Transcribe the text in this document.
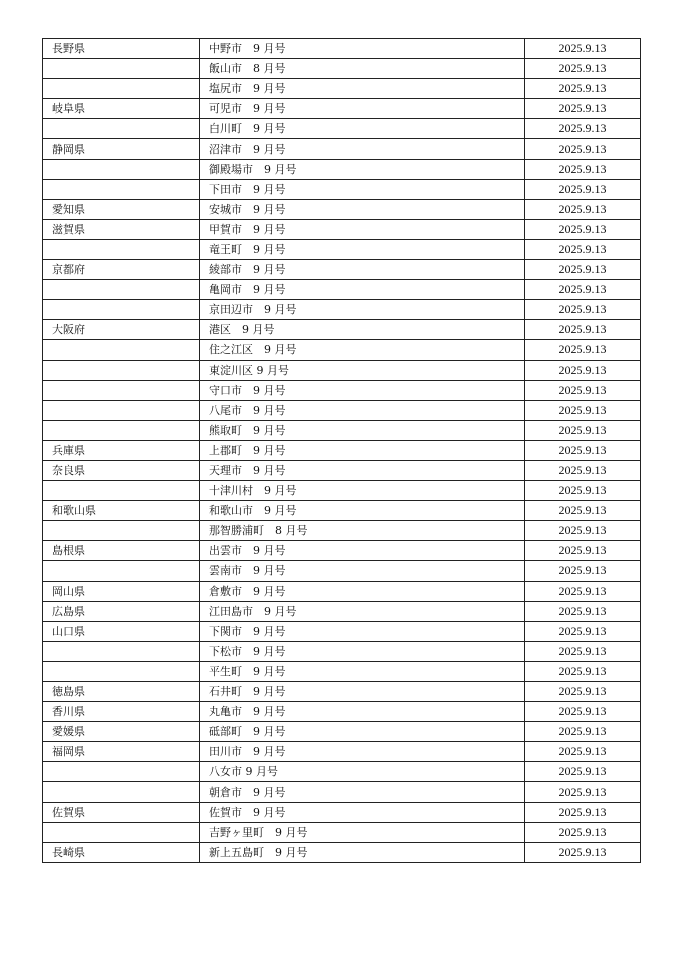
長野県	中野市　9 月号	2025.9.13
	飯山市　8 月号	2025.9.13
	塩尻市　9 月号	2025.9.13
岐阜県	可児市　9 月号	2025.9.13
	白川町　9 月号	2025.9.13
静岡県	沼津市　9 月号	2025.9.13
	御殿場市　9 月号	2025.9.13
	下田市　9 月号	2025.9.13
愛知県	安城市　9 月号	2025.9.13
滋賀県	甲賀市　9 月号	2025.9.13
	竜王町　9 月号	2025.9.13
京都府	綾部市　9 月号	2025.9.13
	亀岡市　9 月号	2025.9.13
	京田辺市　9 月号	2025.9.13
大阪府	港区　9 月号	2025.9.13
	住之江区　9 月号	2025.9.13
	東淀川区 9 月号	2025.9.13
	守口市　9 月号	2025.9.13
	八尾市　9 月号	2025.9.13
	熊取町　9 月号	2025.9.13
兵庫県	上郡町　9 月号	2025.9.13
奈良県	天理市　9 月号	2025.9.13
	十津川村　9 月号	2025.9.13
和歌山県	和歌山市　9 月号	2025.9.13
	那智勝浦町　8 月号	2025.9.13
島根県	出雲市　9 月号	2025.9.13
	雲南市　9 月号	2025.9.13
岡山県	倉敷市　9 月号	2025.9.13
広島県	江田島市　9 月号	2025.9.13
山口県	下関市　9 月号	2025.9.13
	下松市　9 月号	2025.9.13
	平生町　9 月号	2025.9.13
徳島県	石井町　9 月号	2025.9.13
香川県	丸亀市　9 月号	2025.9.13
愛媛県	砥部町　9 月号	2025.9.13
福岡県	田川市　9 月号	2025.9.13
	八女市 9 月号	2025.9.13
	朝倉市　9 月号	2025.9.13
佐賀県	佐賀市　9 月号	2025.9.13
	吉野ヶ里町　9 月号	2025.9.13
長崎県	新上五島町　9 月号	2025.9.13
